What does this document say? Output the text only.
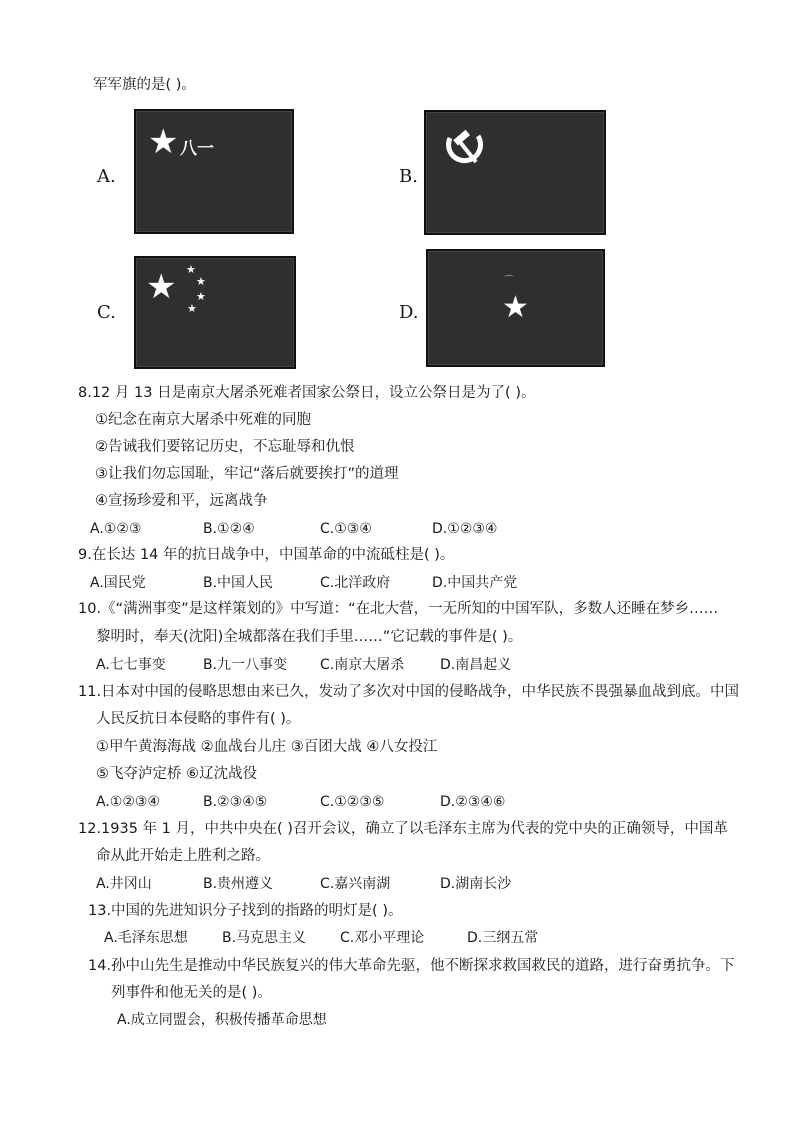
军军旗的是( )。
A.
★ 八一
B.
C.
★ ★
★
★
★	D.	★
⌒
8.12 月 13 日是南京大屠杀死难者国家公祭日，设立公祭日是为了( )。
①纪念在南京大屠杀中死难的同胞
②告诫我们要铭记历史，不忘耻辱和仇恨
③让我们勿忘国耻，牢记“落后就要挨打”的道理
④宣扬珍爱和平，远离战争
A.①②③	B.①②④	C.①③④	D.①②③④
9.在长达 14 年的抗日战争中，中国革命的中流砥柱是( )。
A.国民党	B.中国人民	C.北洋政府	D.中国共产党
10.《“满洲事变”是这样策划的》中写道：“在北大营，一无所知的中国军队，多数人还睡在梦乡……
黎明时，奉天(沈阳)全城都落在我们手里……”它记载的事件是( )。
A.七七事变	B.九一八事变 C.南京大屠杀	D.南昌起义
11.日本对中国的侵略思想由来已久，发动了多次对中国的侵略战争，中华民族不畏强暴血战到底。中国
人民反抗日本侵略的事件有( )。
①甲午黄海海战 ②血战台儿庄 ③百团大战 ④八女投江
⑤飞夺泸定桥 ⑥辽沈战役
A.①②③④	B.②③④⑤	C.①②③⑤	D.②③④⑥
12.1935 年 1 月，中共中央在( )召开会议，确立了以毛泽东主席为代表的党中央的正确领导，中国革
命从此开始走上胜利之路。
A.井冈山	B.贵州遵义	C.嘉兴南湖	D.湖南长沙
13.中国的先进知识分子找到的指路的明灯是( )。
A.毛泽东思想 B.马克思主义 C.邓小平理论	D.三纲五常
14.孙中山先生是推动中华民族复兴的伟大革命先驱，他不断探求救国救民的道路，进行奋勇抗争。下
列事件和他无关的是( )。
A.成立同盟会，积极传播革命思想
